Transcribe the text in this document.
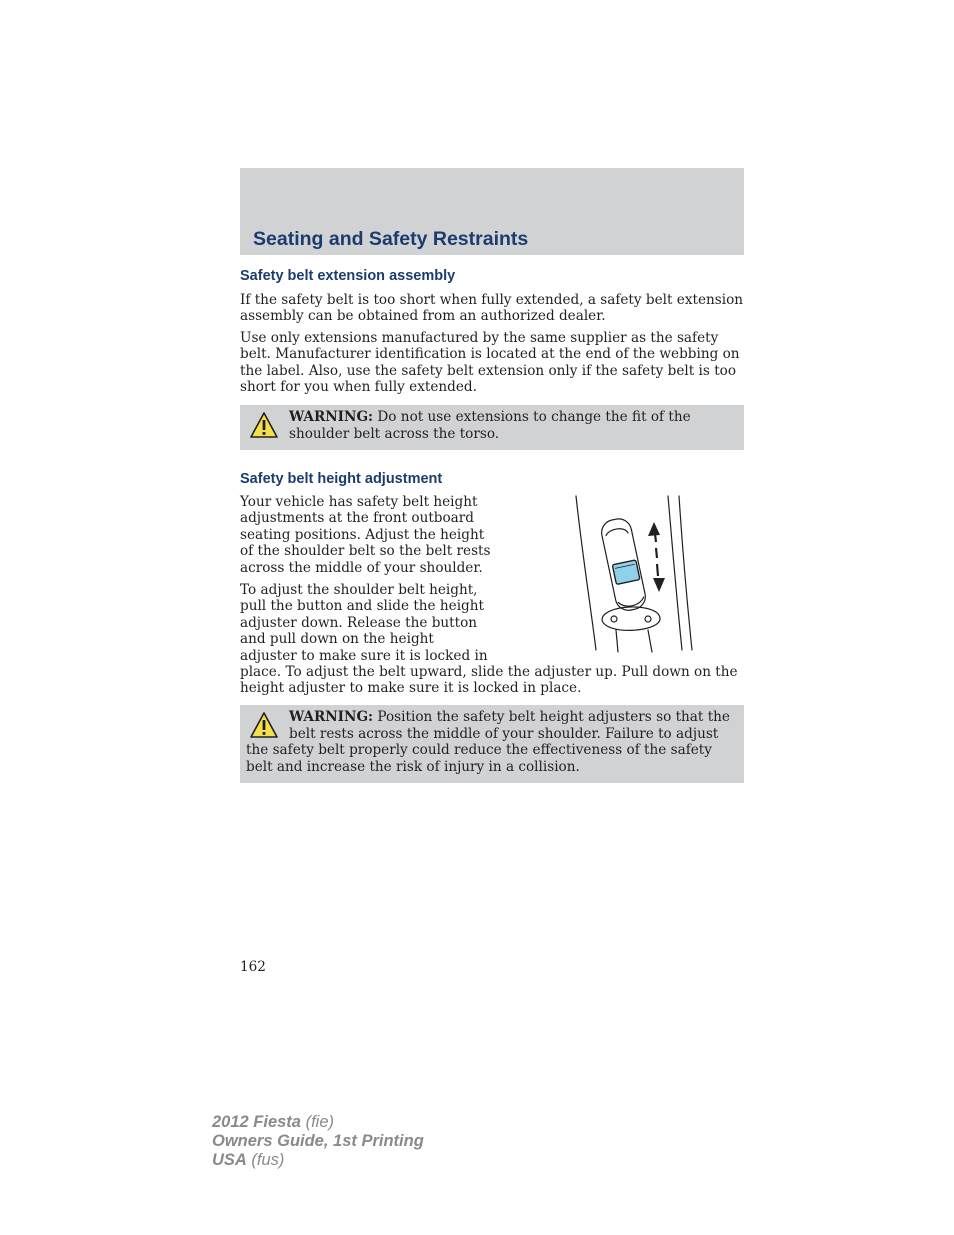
Seating and Safety Restraints
Safety belt extension assembly

If the safety belt is too short when fully extended, a safety belt extension
assembly can be obtained from an authorized dealer.

Use only extensions manufactured by the same supplier as the safety
belt. Manufacturer identification is located at the end of the webbing on
the label. Also, use the safety belt extension only if the safety belt is too
short for you when fully extended.

WARNING: Do not use extensions to change the fit of the
shoulder belt across the torso.

Safety belt height adjustment

Your vehicle has safety belt height
adjustments at the front outboard
seating positions. Adjust the height
of the shoulder belt so the belt rests
across the middle of your shoulder.

To adjust the shoulder belt height,
pull the button and slide the height
adjuster down. Release the button
and pull down on the height
adjuster to make sure it is locked in
place. To adjust the belt upward, slide the adjuster up. Pull down on the
height adjuster to make sure it is locked in place.

WARNING: Position the safety belt height adjusters so that the
belt rests across the middle of your shoulder. Failure to adjust
the safety belt properly could reduce the effectiveness of the safety
belt and increase the risk of injury in a collision.

162
2012 Fiesta (fie)
Owners Guide, 1st Printing
USA (fus)
